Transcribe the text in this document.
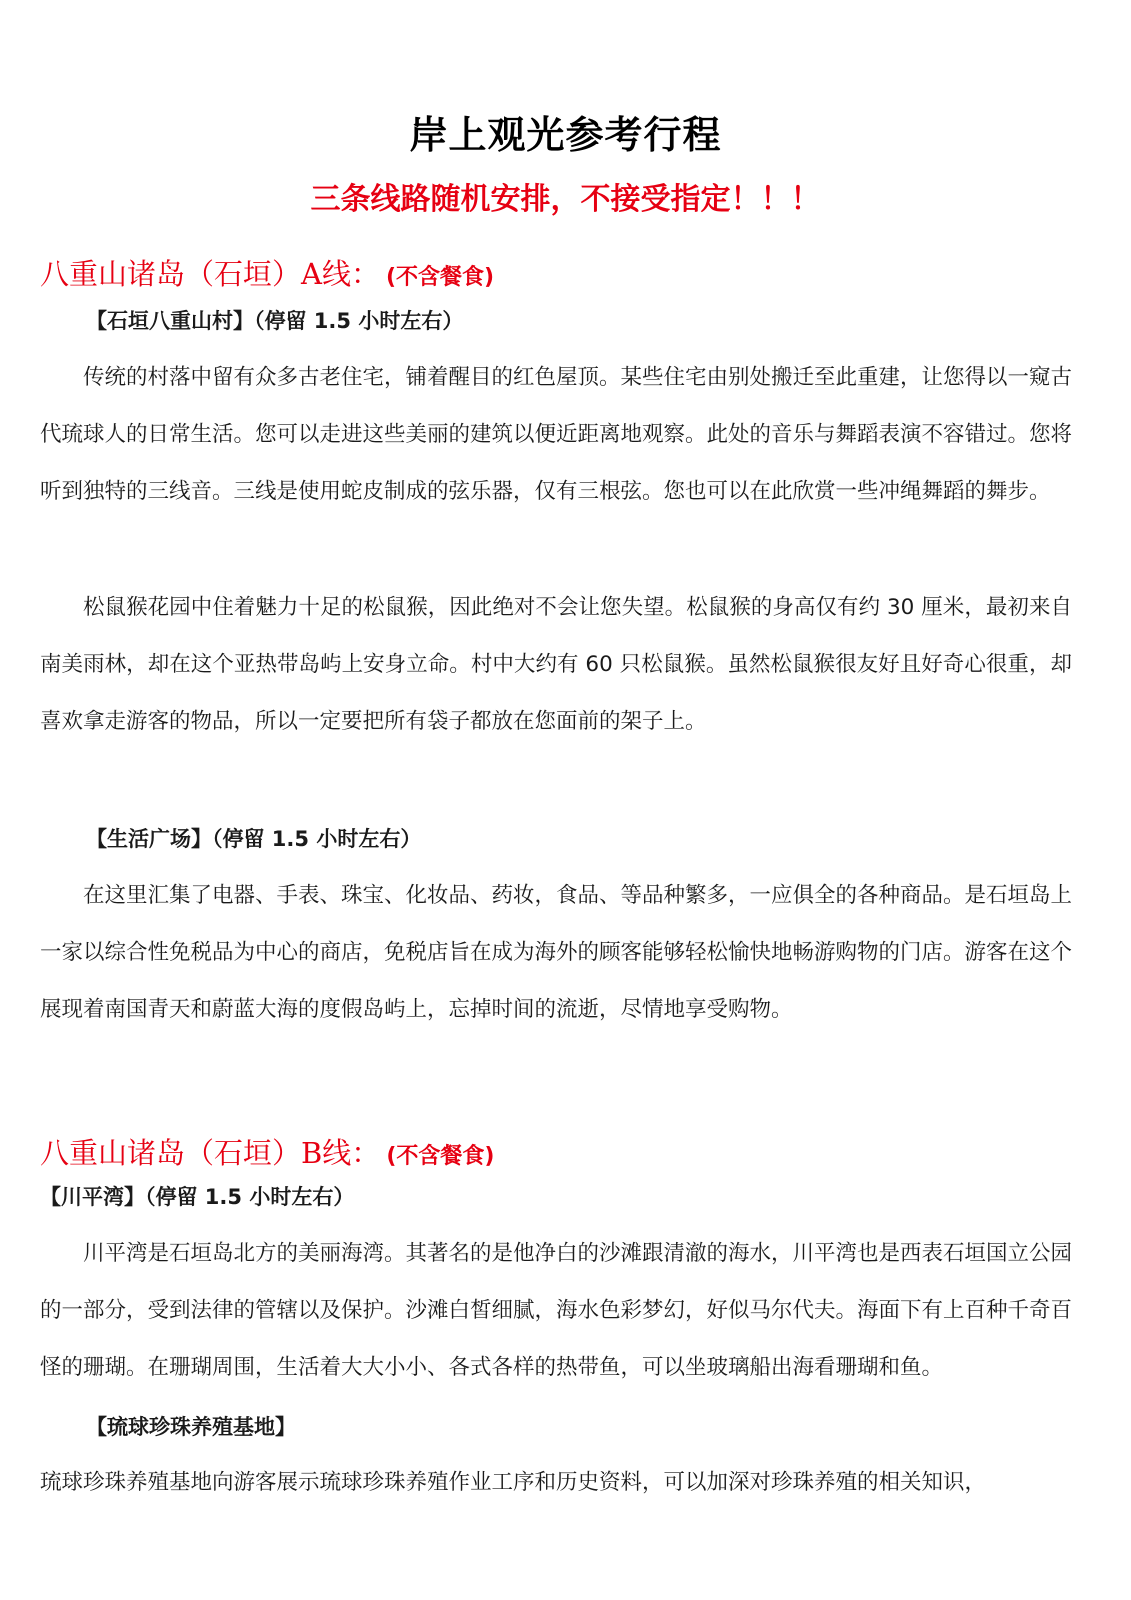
岸上观光参考行程
三条线路随机安排，不接受指定！！！
八重山诸岛（石垣）A线： (不含餐食)
【石垣八重山村】（停留 1.5 小时左右）
传统的村落中留有众多古老住宅，铺着醒目的红色屋顶。某些住宅由别处搬迁至此重建，让您得以一窥古代琉球人的日常生活。您可以走进这些美丽的建筑以便近距离地观察。此处的音乐与舞蹈表演不容错过。您将听到独特的三线音。三线是使用蛇皮制成的弦乐器，仅有三根弦。您也可以在此欣赏一些冲绳舞蹈的舞步。
松鼠猴花园中住着魅力十足的松鼠猴，因此绝对不会让您失望。松鼠猴的身高仅有约 30 厘米，最初来自南美雨林，却在这个亚热带岛屿上安身立命。村中大约有 60 只松鼠猴。虽然松鼠猴很友好且好奇心很重，却喜欢拿走游客的物品，所以一定要把所有袋子都放在您面前的架子上。
【生活广场】（停留 1.5 小时左右）
在这里汇集了电器、手表、珠宝、化妆品、药妆，食品、等品种繁多，一应俱全的各种商品。是石垣岛上一家以综合性免税品为中心的商店，免税店旨在成为海外的顾客能够轻松愉快地畅游购物的门店。游客在这个展现着南国青天和蔚蓝大海的度假岛屿上，忘掉时间的流逝，尽情地享受购物。
八重山诸岛（石垣）B线： (不含餐食)
【川平湾】（停留 1.5 小时左右）
川平湾是石垣岛北方的美丽海湾。其著名的是他净白的沙滩跟清澈的海水，川平湾也是西表石垣国立公园的一部分，受到法律的管辖以及保护。沙滩白皙细腻，海水色彩梦幻，好似马尔代夫。海面下有上百种千奇百怪的珊瑚。在珊瑚周围，生活着大大小小、各式各样的热带鱼，可以坐玻璃船出海看珊瑚和鱼。
【琉球珍珠养殖基地】
琉球珍珠养殖基地向游客展示琉球珍珠养殖作业工序和历史资料，可以加深对珍珠养殖的相关知识，
